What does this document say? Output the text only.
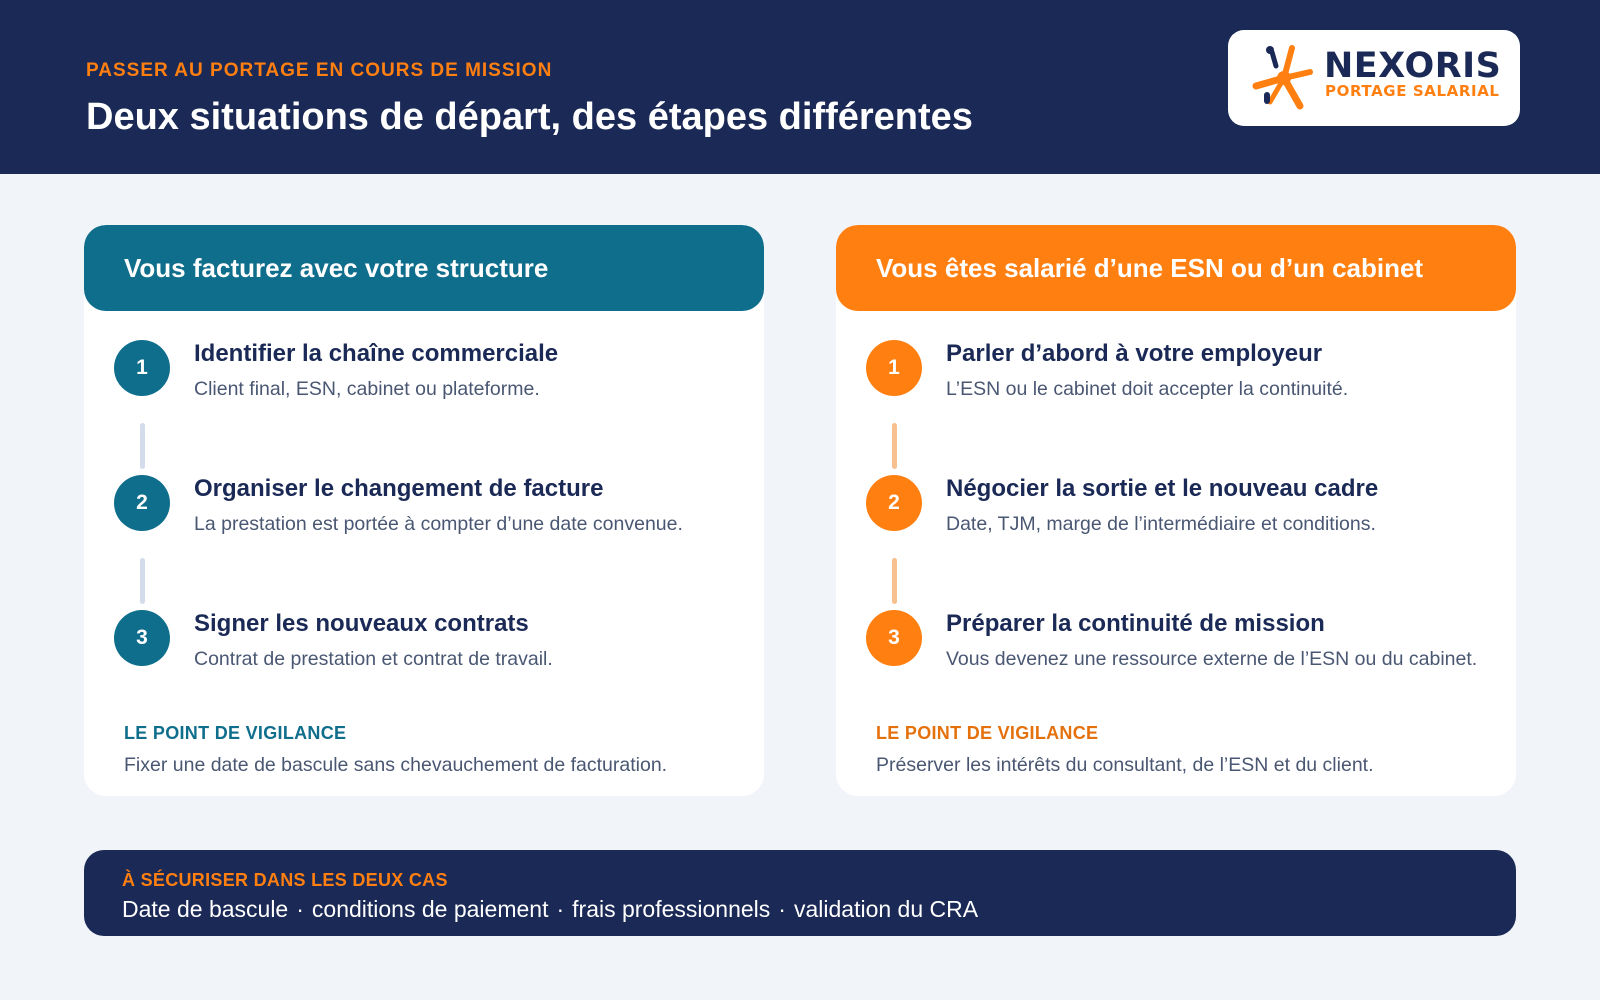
PASSER AU PORTAGE EN COURS DE MISSION
Deux situations de départ, des étapes différentes
NEXORIS
PORTAGE SALARIAL
Vous facturez avec votre structure
1
Identifier la chaîne commerciale
Client final, ESN, cabinet ou plateforme.
2
Organiser le changement de facture
La prestation est portée à compter d’une date convenue.
3
Signer les nouveaux contrats
Contrat de prestation et contrat de travail.
LE POINT DE VIGILANCE
Fixer une date de bascule sans chevauchement de facturation.
Vous êtes salarié d’une ESN ou d’un cabinet
1
Parler d’abord à votre employeur
L’ESN ou le cabinet doit accepter la continuité.
2
Négocier la sortie et le nouveau cadre
Date, TJM, marge de l’intermédiaire et conditions.
3
Préparer la continuité de mission
Vous devenez une ressource externe de l’ESN ou du cabinet.
LE POINT DE VIGILANCE
Préserver les intérêts du consultant, de l’ESN et du client.
À SÉCURISER DANS LES DEUX CAS
Date de bascule · conditions de paiement · frais professionnels · validation du CRA
